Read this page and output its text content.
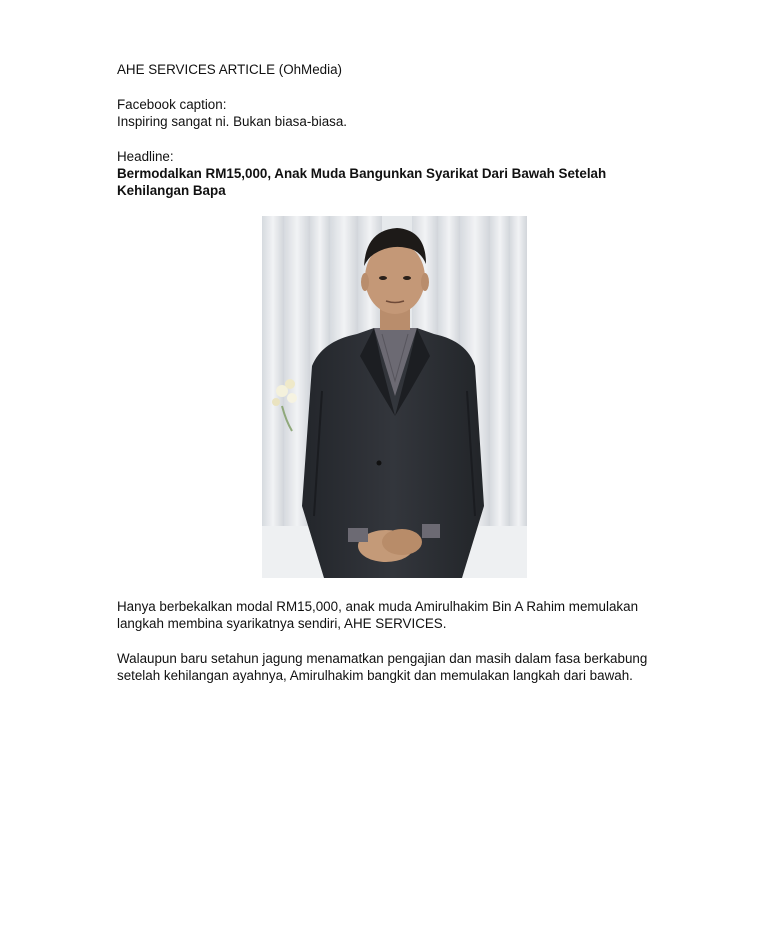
AHE SERVICES ARTICLE (OhMedia)
Facebook caption:
Inspiring sangat ni. Bukan biasa-biasa.
Headline:
Bermodalkan RM15,000, Anak Muda Bangunkan Syarikat Dari Bawah Setelah
Kehilangan Bapa
Hanya berbekalkan modal RM15,000, anak muda Amirulhakim Bin A Rahim memulakan
langkah membina syarikatnya sendiri, AHE SERVICES.
Walaupun baru setahun jagung menamatkan pengajian dan masih dalam fasa berkabung
setelah kehilangan ayahnya, Amirulhakim bangkit dan memulakan langkah dari bawah.
